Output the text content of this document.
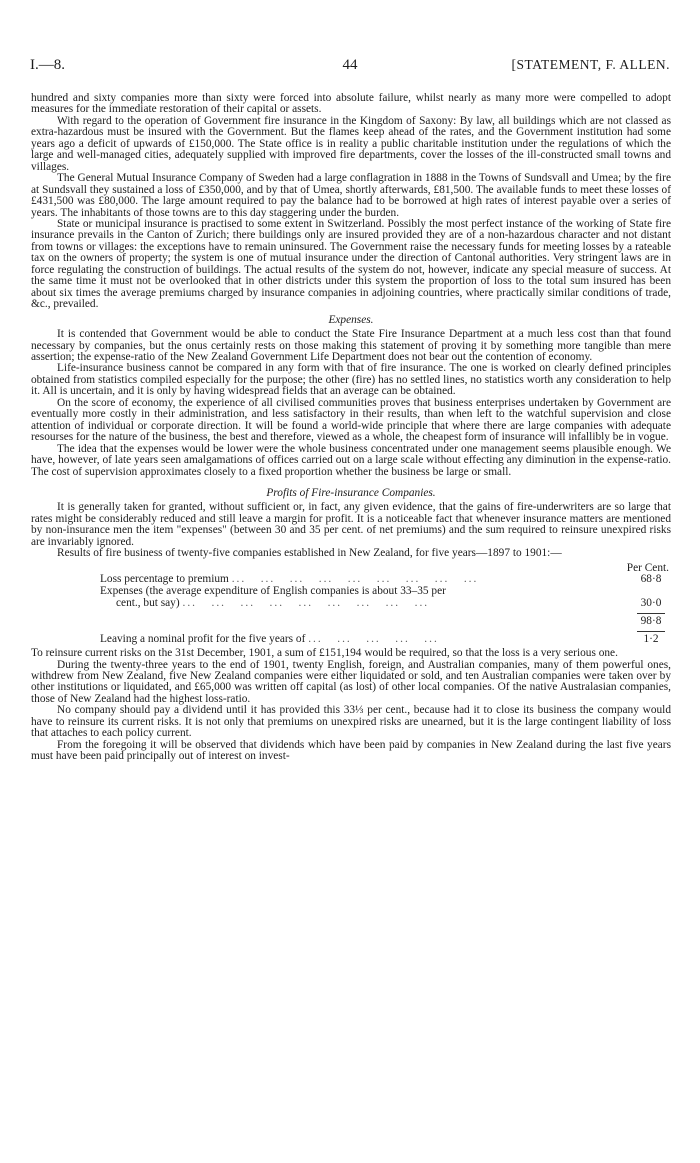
I.—8.	44	[STATEMENT, F. ALLEN.

hundred and sixty companies more than sixty were forced into absolute failure, whilst nearly as many more were compelled to adopt measures for the immediate restoration of their capital or assets.

With regard to the operation of Government fire insurance in the Kingdom of Saxony: By law, all buildings which are not classed as extra-hazardous must be insured with the Government. But the flames keep ahead of the rates, and the Government institution had some years ago a deficit of upwards of £150,000. The State office is in reality a public charitable institution under the regulations of which the large and well-managed cities, adequately supplied with improved fire departments, cover the losses of the ill-constructed small towns and villages.

The General Mutual Insurance Company of Sweden had a large conflagration in 1888 in the Towns of Sundsvall and Umea; by the fire at Sundsvall they sustained a loss of £350,000, and by that of Umea, shortly afterwards, £81,500. The available funds to meet these losses of £431,500 was £80,000. The large amount required to pay the balance had to be borrowed at high rates of interest payable over a series of years. The inhabitants of those towns are to this day staggering under the burden.

State or municipal insurance is practised to some extent in Switzerland. Possibly the most perfect instance of the working of State fire insurance prevails in the Canton of Zurich; there buildings only are insured provided they are of a non-hazardous character and not distant from towns or villages: the exceptions have to remain uninsured. The Government raise the necessary funds for meeting losses by a rateable tax on the owners of property; the system is one of mutual insurance under the direction of Cantonal authorities. Very stringent laws are in force regulating the construction of buildings. The actual results of the system do not, however, indicate any special measure of success. At the same time it must not be overlooked that in other districts under this system the proportion of loss to the total sum insured has been about six times the average premiums charged by insurance companies in adjoining countries, where practically similar conditions of trade, &c., prevailed.

Expenses.

It is contended that Government would be able to conduct the State Fire Insurance Department at a much less cost than that found necessary by companies, but the onus certainly rests on those making this statement of proving it by something more tangible than mere assertion; the expense-ratio of the New Zealand Government Life Department does not bear out the contention of economy.

Life-insurance business cannot be compared in any form with that of fire insurance. The one is worked on clearly defined principles obtained from statistics compiled especially for the purpose; the other (fire) has no settled lines, no statistics worth any consideration to help it. All is uncertain, and it is only by having widespread fields that an average can be obtained.

On the score of economy, the experience of all civilised communities proves that business enterprises undertaken by Government are eventually more costly in their administration, and less satisfactory in their results, than when left to the watchful supervision and close attention of individual or corporate direction. It will be found a world-wide principle that where there are large companies with adequate resourses for the nature of the business, the best and therefore, viewed as a whole, the cheapest form of insurance will infallibly be in vogue.

The idea that the expenses would be lower were the whole business concentrated under one management seems plausible enough. We have, however, of late years seen amalgamations of offices carried out on a large scale without effecting any diminution in the expense-ratio. The cost of supervision approximates closely to a fixed proportion whether the business be large or small.

Profits of Fire-insurance Companies.

It is generally taken for granted, without sufficient or, in fact, any given evidence, that the gains of fire-underwriters are so large that rates might be considerably reduced and still leave a margin for profit. It is a noticeable fact that whenever insurance matters are mentioned by non-insurance men the item "expenses" (between 30 and 35 per cent. of net premiums) and the sum required to reinsure unexpired risks are invariably ignored.

Results of fire business of twenty-five companies established in New Zealand, for five years—1897 to 1901:—

Per Cent.
Loss percentage to premium ...   ...   ...   ...   ...   ...   ...   ...   ...	68·8
Expenses (the average expenditure of English companies is about 33–35 per
cent., but say) ...   ...   ...   ...   ...   ...   ...   ...   ...	30·0
98·8
Leaving a nominal profit for the five years of ...   ...   ...   ...   ...	1·2

To reinsure current risks on the 31st December, 1901, a sum of £151,194 would be required, so that the loss is a very serious one.

During the twenty-three years to the end of 1901, twenty English, foreign, and Australian companies, many of them powerful ones, withdrew from New Zealand, five New Zealand companies were either liquidated or sold, and ten Australian companies were taken over by other institutions or liquidated, and £65,000 was written off capital (as lost) of other local companies. Of the native Australasian companies, those of New Zealand had the highest loss-ratio.

No company should pay a dividend until it has provided this 33⅓ per cent., because had it to close its business the company would have to reinsure its current risks. It is not only that premiums on unexpired risks are unearned, but it is the large contingent liability of loss that attaches to each policy current.

From the foregoing it will be observed that dividends which have been paid by companies in New Zealand during the last five years must have been paid principally out of interest on invest-
